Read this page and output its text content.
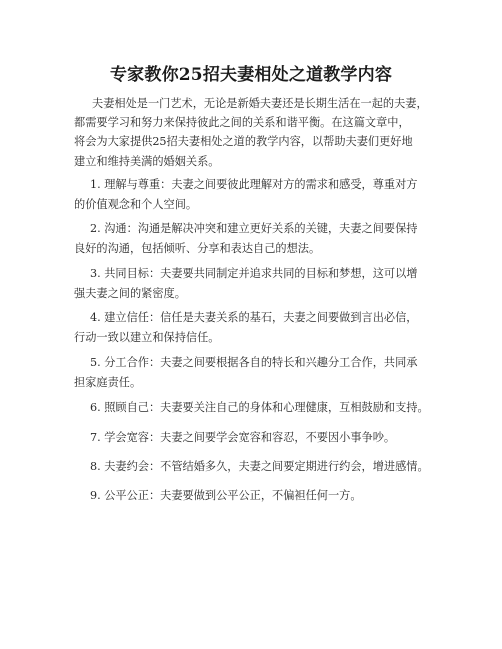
专家教你25招夫妻相处之道教学内容
夫妻相处是一门艺术，无论是新婚夫妻还是长期生活在一起的夫妻，
都需要学习和努力来保持彼此之间的关系和谐平衡。在这篇文章中，
将会为大家提供25招夫妻相处之道的教学内容，以帮助夫妻们更好地
建立和维持美满的婚姻关系。
1. 理解与尊重：夫妻之间要彼此理解对方的需求和感受，尊重对方
的价值观念和个人空间。
2. 沟通：沟通是解决冲突和建立更好关系的关键，夫妻之间要保持
良好的沟通，包括倾听、分享和表达自己的想法。
3. 共同目标：夫妻要共同制定并追求共同的目标和梦想，这可以增
强夫妻之间的紧密度。
4. 建立信任：信任是夫妻关系的基石，夫妻之间要做到言出必信，
行动一致以建立和保持信任。
5. 分工合作：夫妻之间要根据各自的特长和兴趣分工合作，共同承
担家庭责任。
6. 照顾自己：夫妻要关注自己的身体和心理健康，互相鼓励和支持。
7. 学会宽容：夫妻之间要学会宽容和容忍，不要因小事争吵。
8. 夫妻约会：不管结婚多久，夫妻之间要定期进行约会，增进感情。
9. 公平公正：夫妻要做到公平公正，不偏袒任何一方。
